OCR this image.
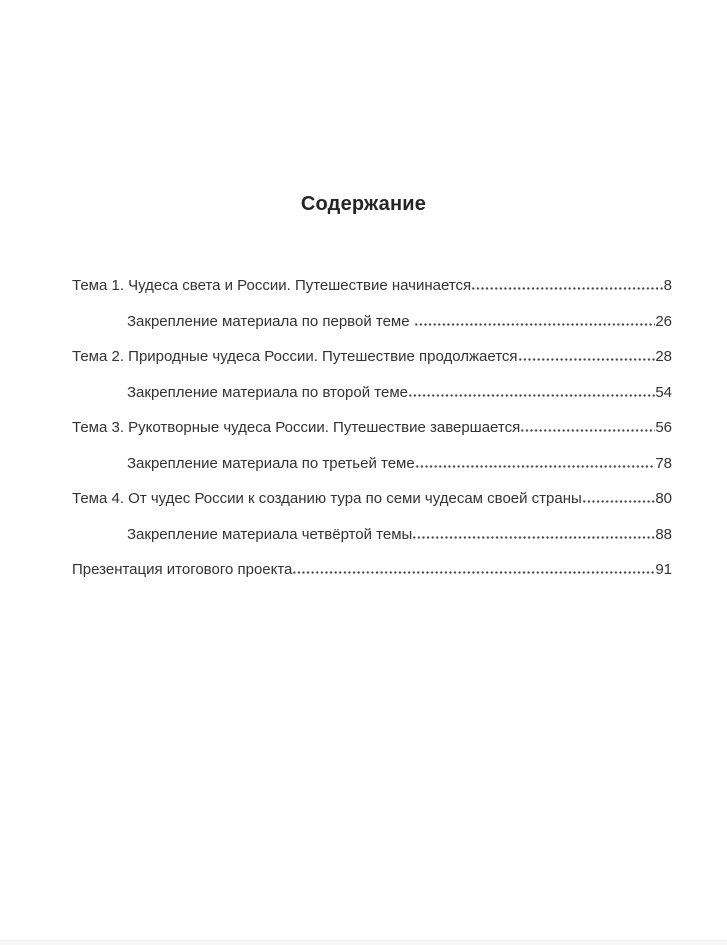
Содержание
Тема 1. Чудеса света и России. Путешествие начинается	8
Закрепление материала по первой теме	26
Тема 2. Природные чудеса России. Путешествие продолжается	28
Закрепление материала по второй теме	54
Тема 3. Рукотворные чудеса России. Путешествие завершается	56
Закрепление материала по третьей теме	78
Тема 4. От чудес России к созданию тура по семи чудесам своей страны	80
Закрепление материала четвёртой темы	88
Презентация итогового проекта	91
